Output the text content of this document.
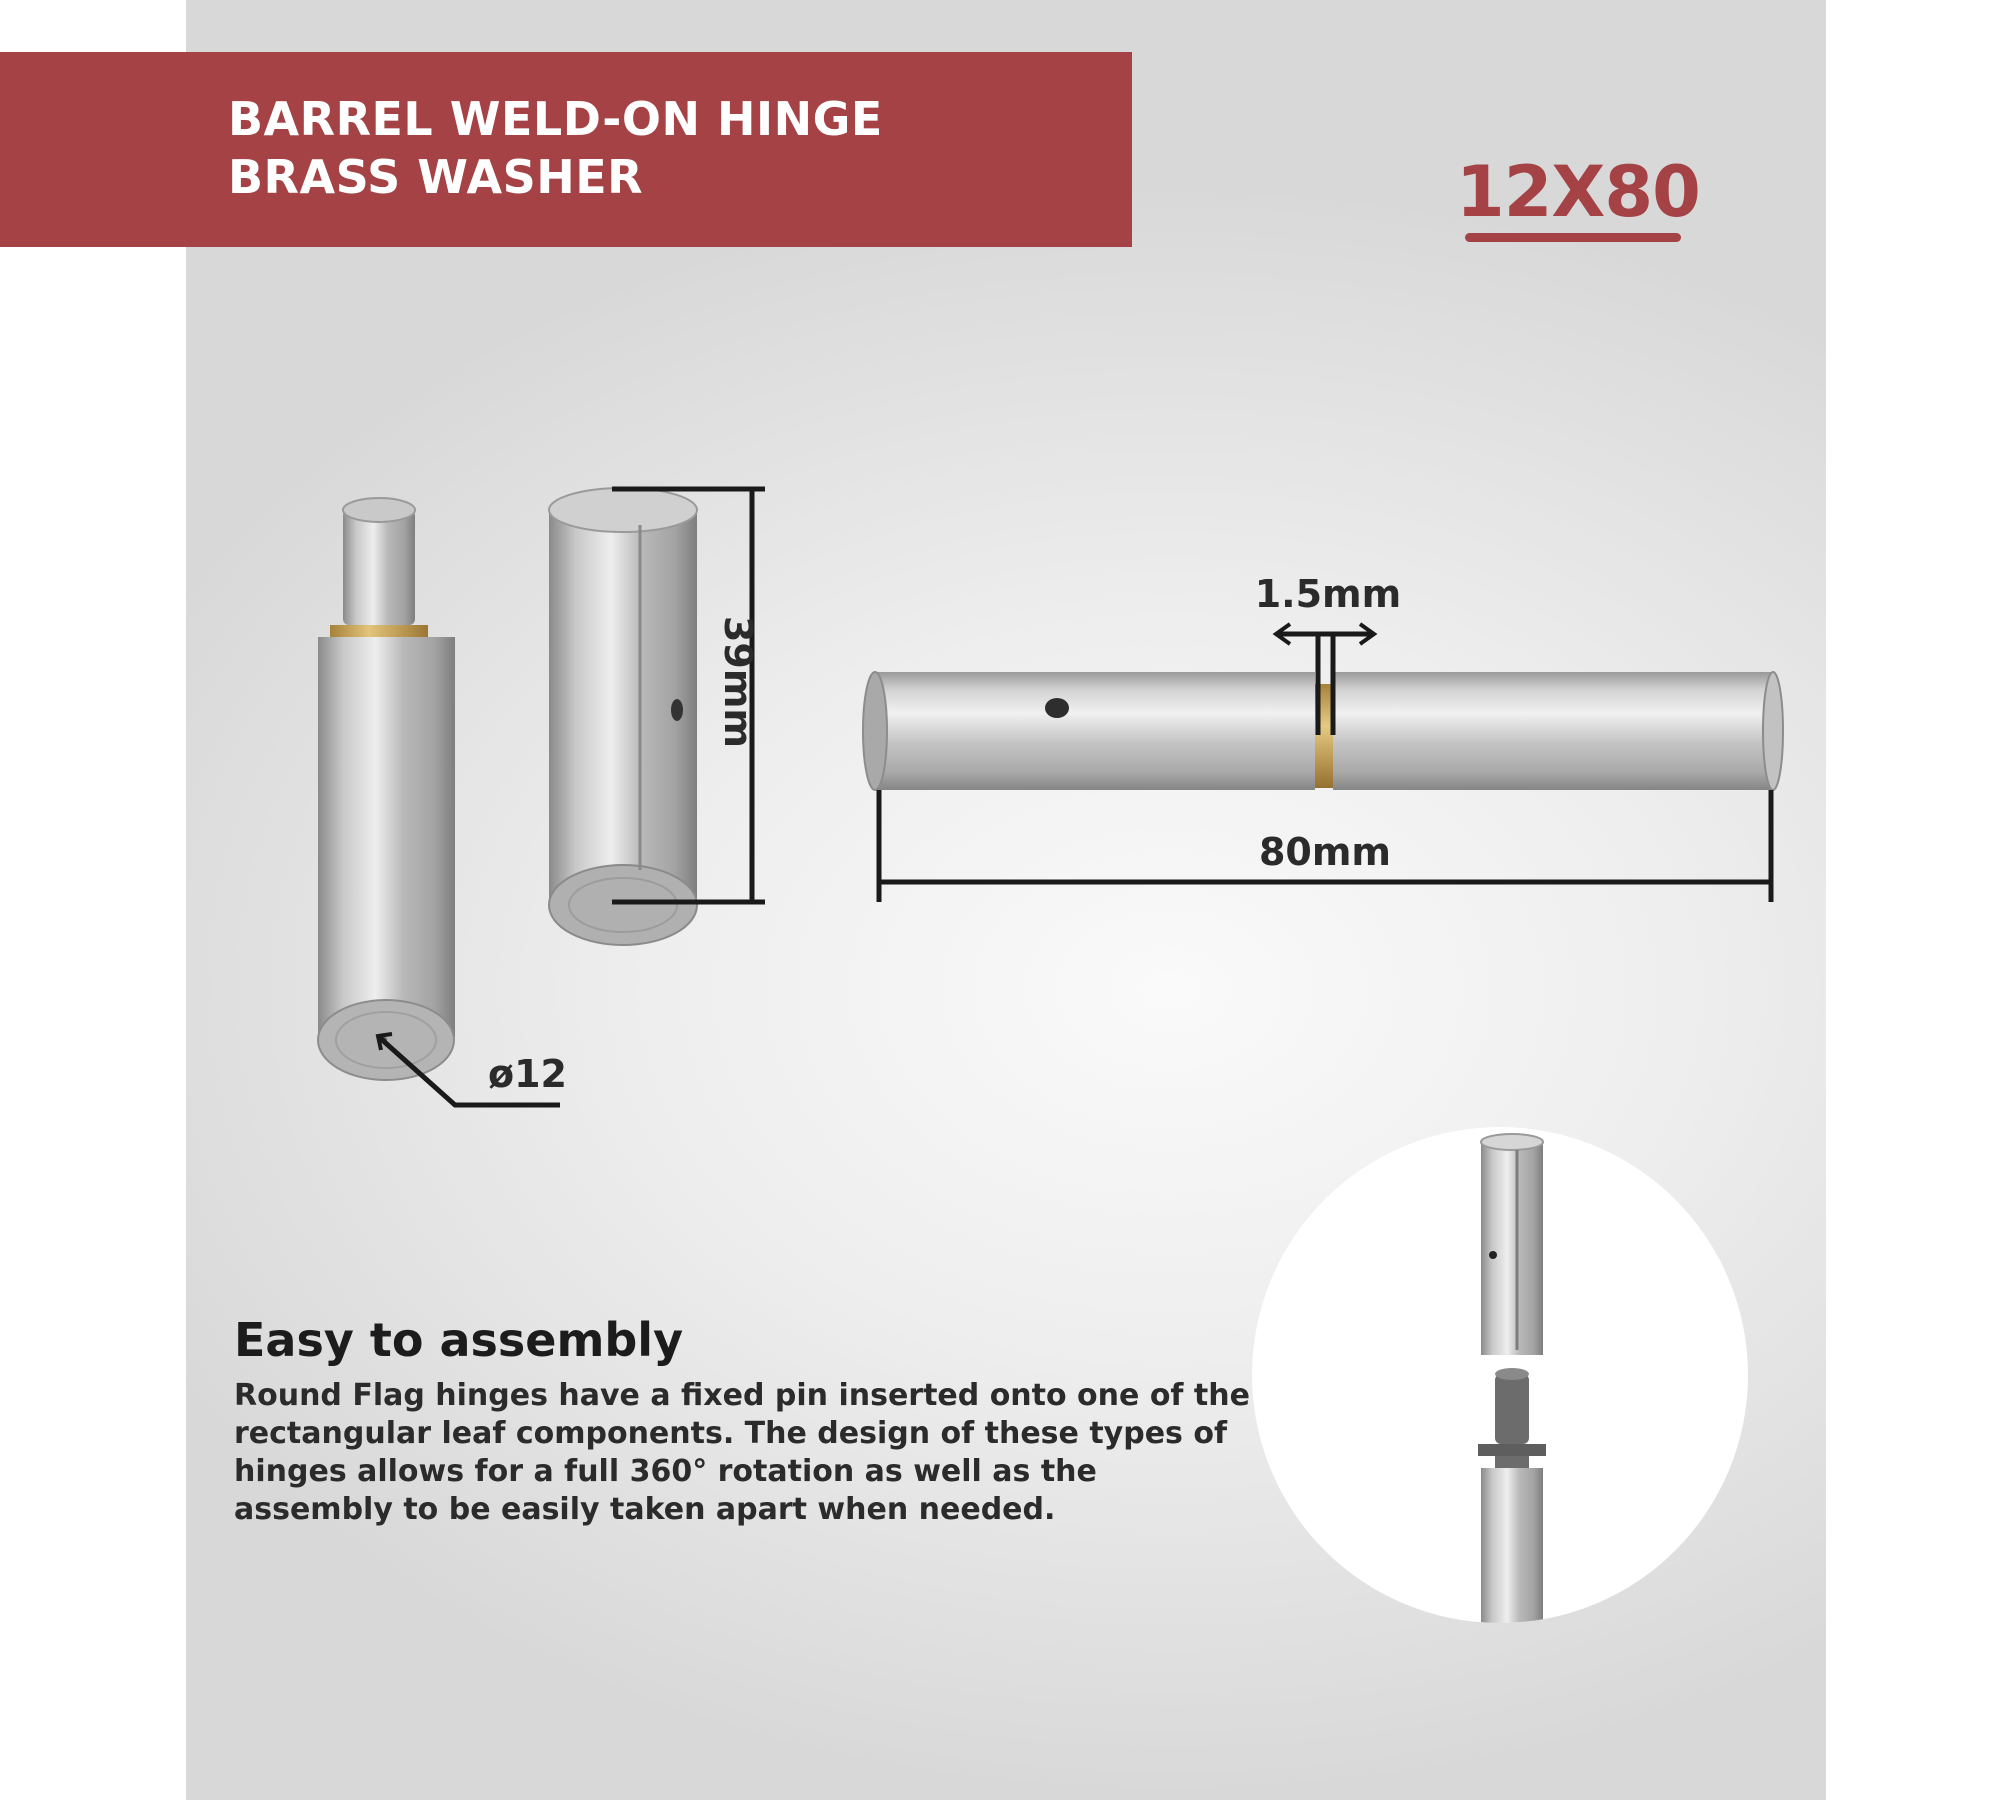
BARREL WELD-ON HINGE
BRASS WASHER	12X80
1.5mm
80mm
ø12
39mm
Easy to assembly
Round Flag hinges have a fixed pin inserted onto one of the rectangular leaf components. The design of these types of hinges allows for a full 360° rotation as well as the assembly to be easily taken apart when needed.
